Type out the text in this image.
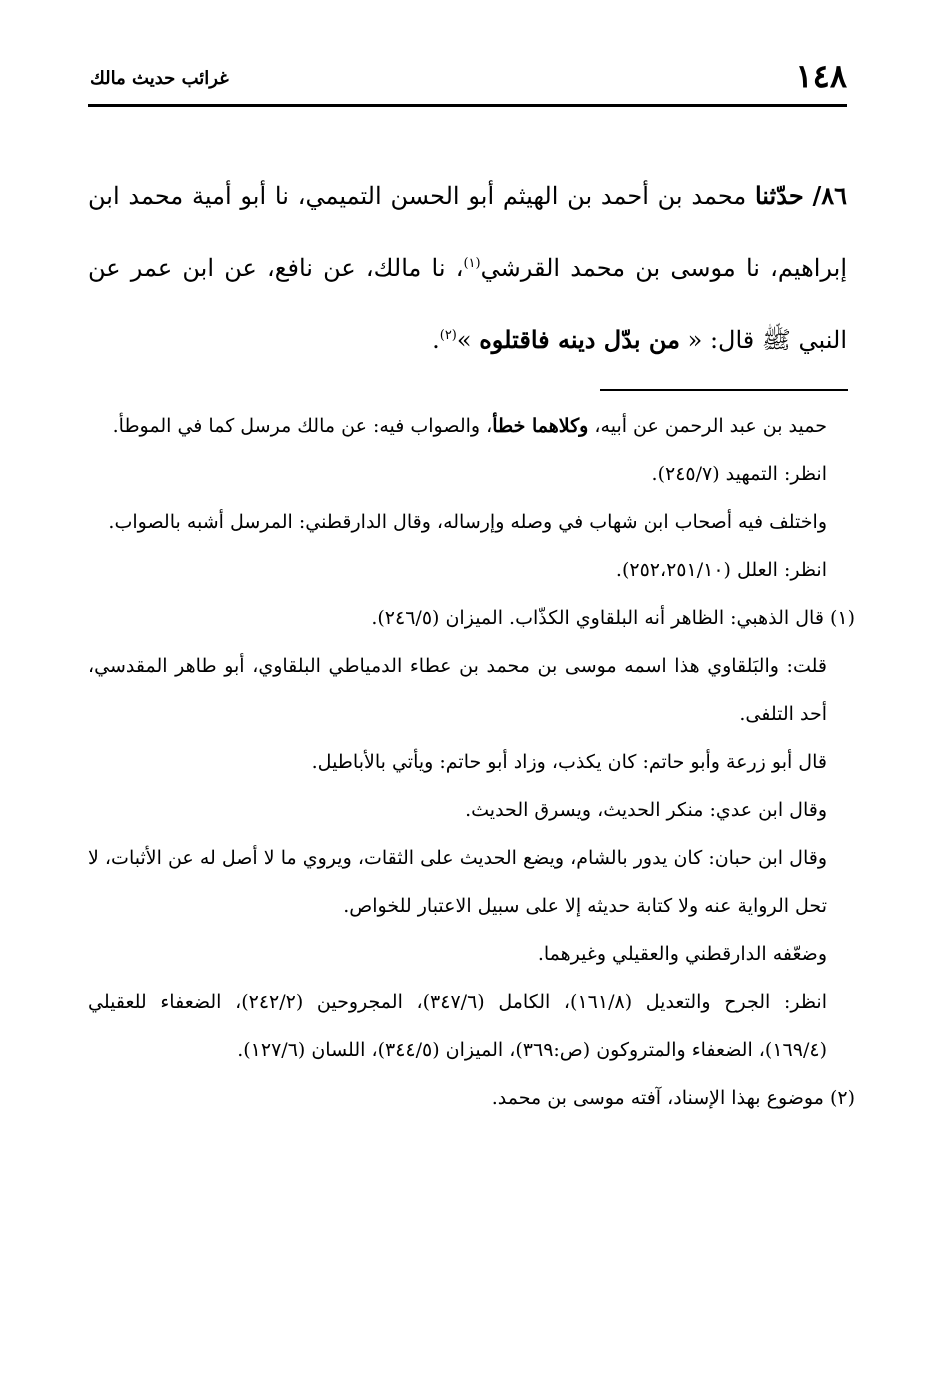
١٤٨
غرائب حديث مالك
٨٦/ حدّثنا محمد بن أحمد بن الهيثم أبو الحسن التميمي، نا أبو أمية محمد ابن إبراهيم، نا موسى بن محمد القرشي$^{(١)}$، نا مالك، عن نافع، عن ابن عمر عن النبي ﷺ قال: « من بدّل دينه فاقتلوه »$^{(٢)}$.

حميد بن عبد الرحمن عن أبيه، وكلاهما خطأ، والصواب فيه: عن مالك مرسل كما في الموطأ.

انظر: التمهيد (٢٤٥/٧).

واختلف فيه أصحاب ابن شهاب في وصله وإرساله، وقال الدارقطني: المرسل أشبه بالصواب.

انظر: العلل (٢٥٢،٢٥١/١٠).

(١) قال الذهبي: الظاهر أنه البلقاوي الكذّاب. الميزان (٢٤٦/٥).

قلت: والبَلقاوي هذا اسمه موسى بن محمد بن عطاء الدمياطي البلقاوي، أبو طاهر المقدسي، أحد التلفى.

قال أبو زرعة وأبو حاتم: كان يكذب، وزاد أبو حاتم: ويأتي بالأباطيل.

وقال ابن عدي: منكر الحديث، ويسرق الحديث.

وقال ابن حبان: كان يدور بالشام، ويضع الحديث على الثقات، ويروي ما لا أصل له عن الأثبات، لا تحل الرواية عنه ولا كتابة حديثه إلا على سبيل الاعتبار للخواص.

وضعّفه الدارقطني والعقيلي وغيرهما.

انظر: الجرح والتعديل (١٦١/٨)، الكامل (٣٤٧/٦)، المجروحين (٢٤٢/٢)، الضعفاء للعقيلي (١٦٩/٤)، الضعفاء والمتروكون (ص:٣٦٩)، الميزان (٣٤٤/٥)، اللسان (١٢٧/٦).

(٢) موضوع بهذا الإسناد، آفته موسى بن محمد.
